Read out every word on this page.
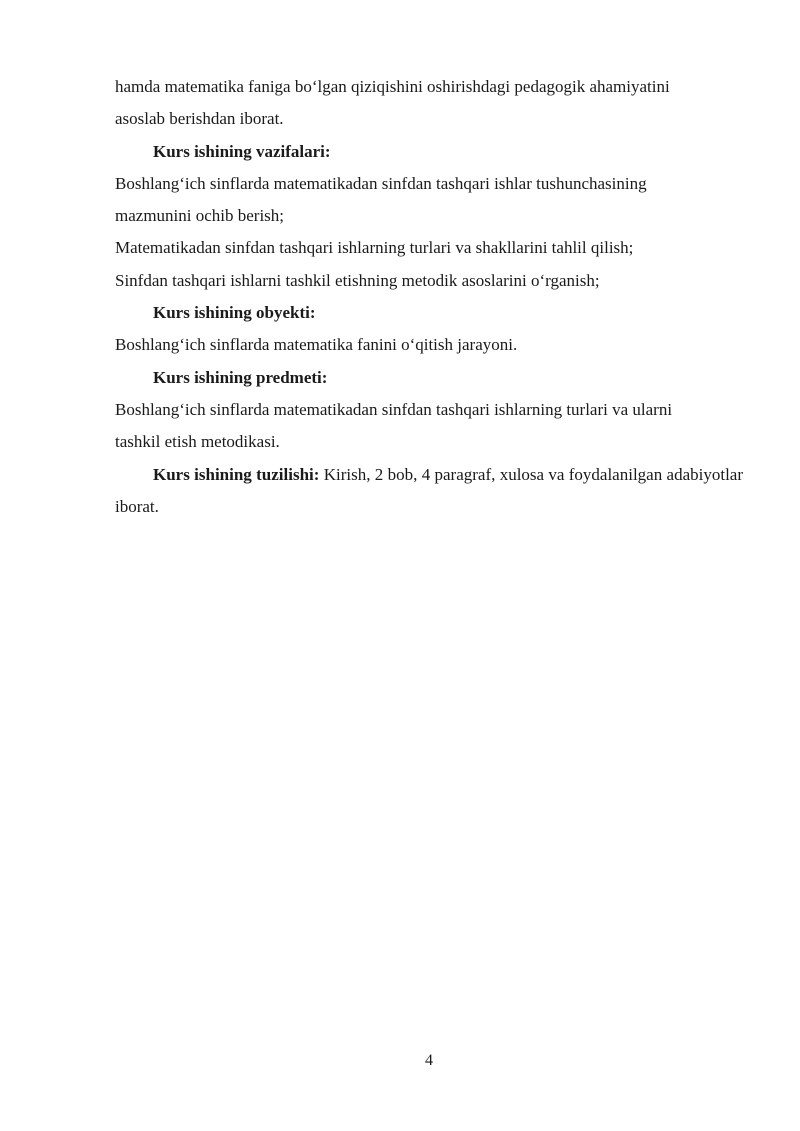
hamda matematika faniga bo‘lgan qiziqishini oshirishdagi pedagogik ahamiyatini
asoslab berishdan iborat.
Kurs ishining vazifalari:
Boshlang‘ich sinflarda matematikadan sinfdan tashqari ishlar tushunchasining
mazmunini ochib berish;
Matematikadan sinfdan tashqari ishlarning turlari va shakllarini tahlil qilish;
Sinfdan tashqari ishlarni tashkil etishning metodik asoslarini o‘rganish;
Kurs ishining obyekti:
Boshlang‘ich sinflarda matematika fanini o‘qitish jarayoni.
Kurs ishining predmeti:
Boshlang‘ich sinflarda matematikadan sinfdan tashqari ishlarning turlari va ularni
tashkil etish metodikasi.
Kurs ishining tuzilishi: Kirish, 2 bob, 4 paragraf, xulosa va foydalanilgan adabiyotlar iborat.
4
